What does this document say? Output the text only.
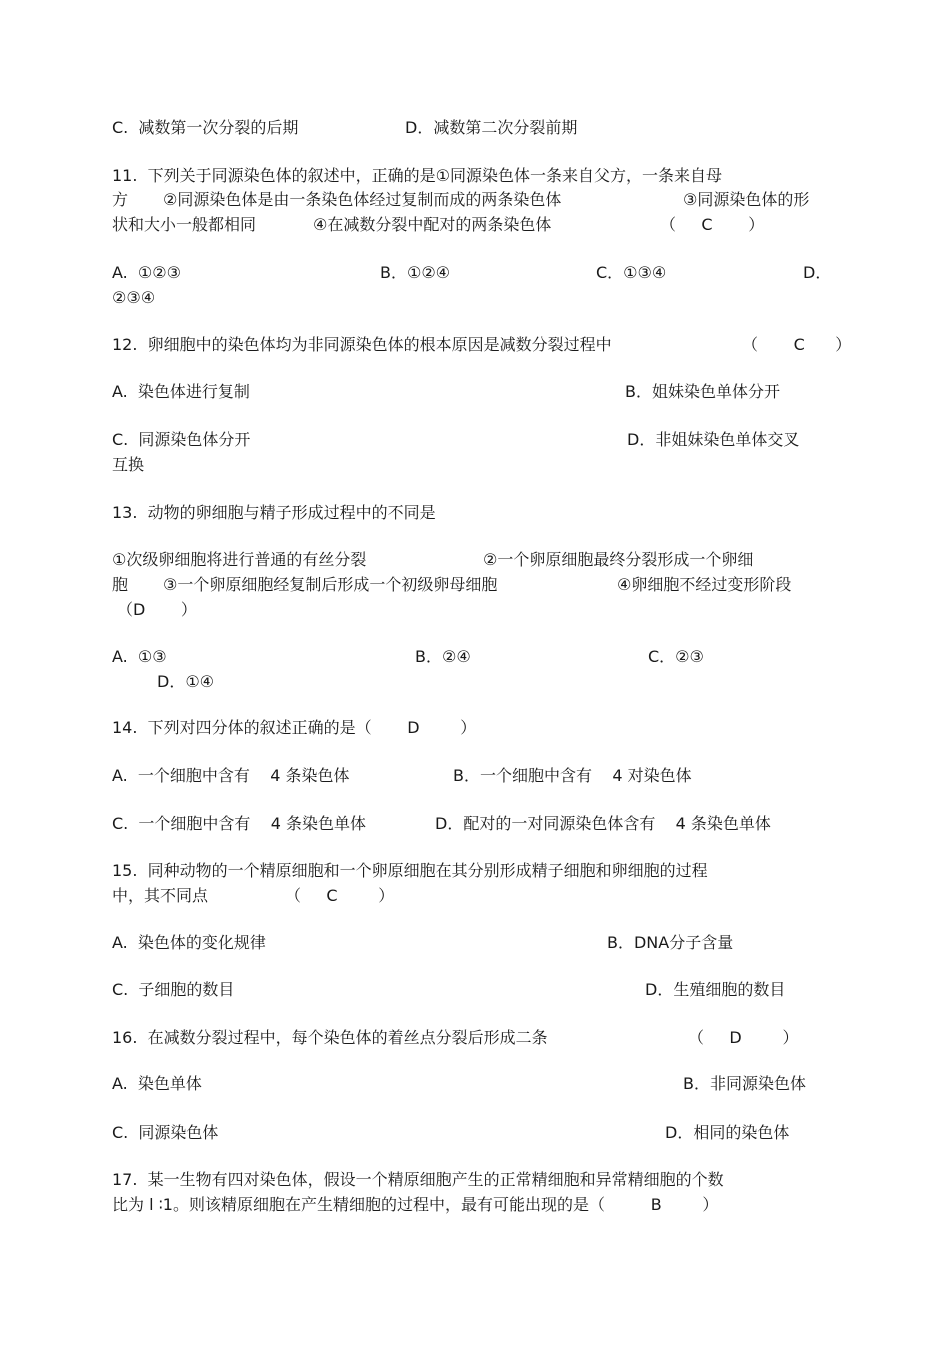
C.  减数第一次分裂的后期	D．减数第二次分裂前期
11.  下列关于同源染色体的叙述中，正确的是①同源染色体一条来自父方，一条来自母
方 ②同源染色体是由一条染色体经过复制而成的两条染色体	③同源染色体的形
状和大小一般都相同	④在减数分裂中配对的两条染色体	（     C       ）
A.  ①②③	B．①②④	C．①③④	D．
②③④
12.  卵细胞中的染色体均为非同源染色体的根本原因是减数分裂过程中	（       C      ）
A.  染色体进行复制	B．姐妹染色单体分开
C.  同源染色体分开	D．非姐妹染色单体交叉
互换
13.  动物的卵细胞与精子形成过程中的不同是
①次级卵细胞将进行普通的有丝分裂	②一个卵原细胞最终分裂形成一个卵细
胞 ③一个卵原细胞经复制后形成一个初级卵母细胞	④卵细胞不经过变形阶段
（D       ）
A.  ①③	B．②④	C．②③
D．①④
14.  下列对四分体的叙述正确的是（       D        ）
A.  一个细胞中含有    4 条染色体	B．一个细胞中含有    4 对染色体
C.  一个细胞中含有    4 条染色单体	D．配对的一对同源染色体含有    4 条染色单体
15.  同种动物的一个精原细胞和一个卵原细胞在其分别形成精子细胞和卵细胞的过程
中，其不同点	（     C        ）
A.  染色体的变化规律	B．DNA分子含量
C.  子细胞的数目	D．生殖细胞的数目
16.  在减数分裂过程中，每个染色体的着丝点分裂后形成二条	（     D        ）
A.  染色单体	B．非同源染色体
C.  同源染色体	D．相同的染色体
17.  某一生物有四对染色体，假设一个精原细胞产生的正常精细胞和异常精细胞的个数
比为 l ∶1。则该精原细胞在产生精细胞的过程中，最有可能出现的是（         B        ）
